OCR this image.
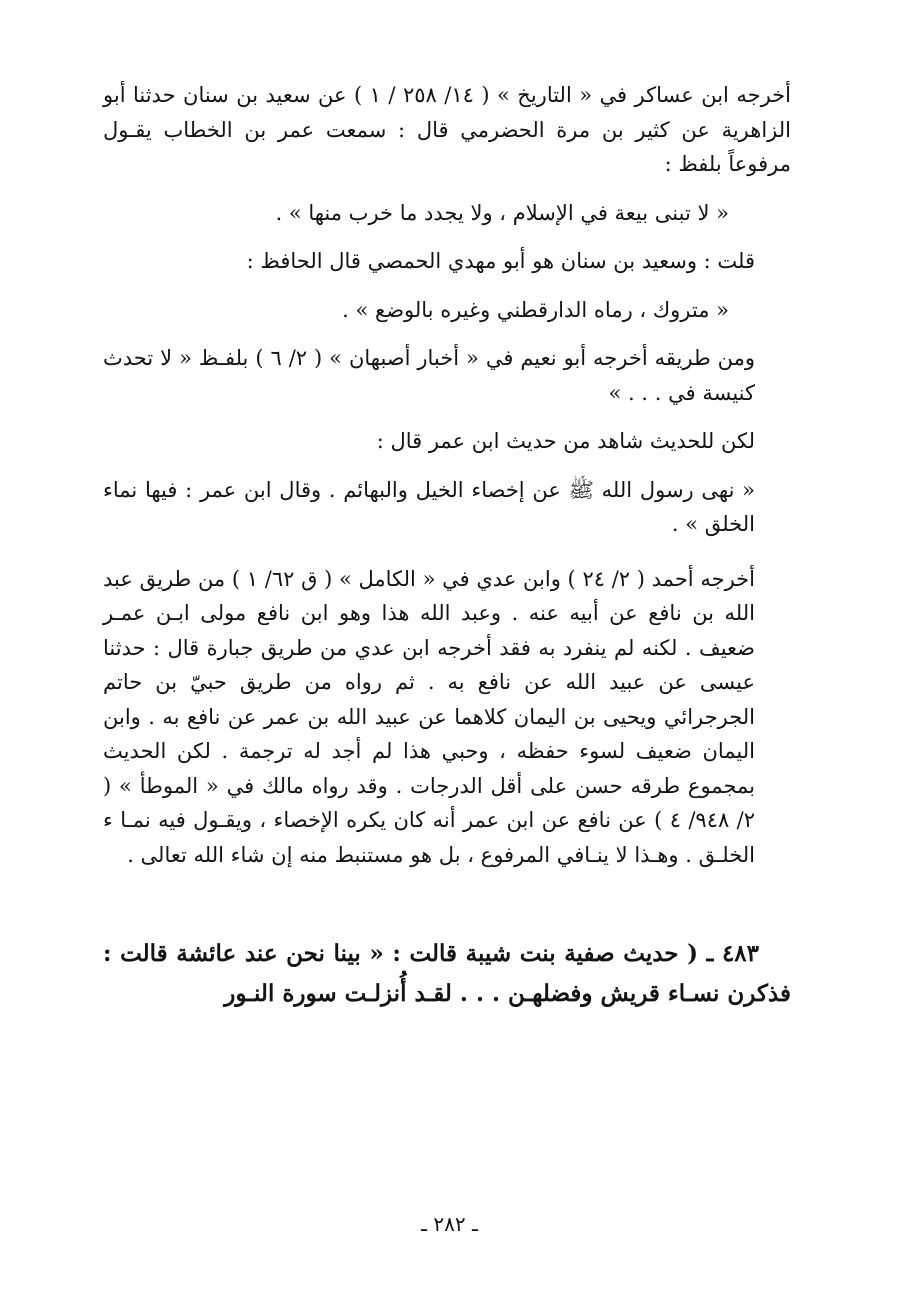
أخرجه ابن عساكر في « التاريخ » ( ١٤/ ٢٥٨ / ١ ) عن سعيد بن سنان حدثنا أبو الزاهرية عن كثير بن مرة الحضرمي قال : سمعت عمر بن الخطاب يقـول مرفوعاً بلفظ :

« لا تبنى بيعة في الإسلام ، ولا يجدد ما خرب منها » .

قلت : وسعيد بن سنان هو أبو مهدي الحمصي قال الحافظ :

« متروك ، رماه الدارقطني وغيره بالوضع » .

ومن طريقه أخرجه أبو نعيم في « أخبار أصبهان » ( ٢/ ٦ ) بلفـظ « لا تحدث كنيسة في . . . »

لكن للحديث شاهد من حديث ابن عمر قال :

« نهى رسول الله ﷺ عن إخصاء الخيل والبهائم . وقال ابن عمر : فيها نماء الخلق » .

أخرجه أحمد ( ٢/ ٢٤ ) وابن عدي في « الكامل » ( ق ٦٢/ ١ ) من طريق عبد الله بن نافع عن أبيه عنه . وعبد الله هذا وهو ابن نافع مولى ابـن عمـر ضعيف . لكنه لم ينفرد به فقد أخرجه ابن عدي من طريق جبارة قال : حدثنا عيسى عن عبيد الله عن نافع به . ثم رواه من طريق حبيّ بن حاتم الجرجرائي ويحيى بن اليمان كلاهما عن عبيد الله بن عمر عن نافع به . وابن اليمان ضعيف لسوء حفظه ، وحبي هذا لم أجد له ترجمة . لكن الحديث بمجموع طرقه حسن على أقل الدرجات . وقد رواه مالك في « الموطأ » ( ٢/ ٩٤٨/ ٤ ) عن نافع عن ابن عمر أنه كان يكره الإخصاء ، ويقـول فيه نمـا ء الخلـق . وهـذا لا ينـافي المرفوع ، بل هو مستنبط منه إن شاء الله تعالى .

٤٨٣ ـ ( حديث صفية بنت شيبة قالت : « بينا نحن عند عائشة قالت : فذكرن نسـاء قريش وفضلهـن . . . لقـد أُنزلـت سورة النـور

ـ ٢٨٢ ـ
